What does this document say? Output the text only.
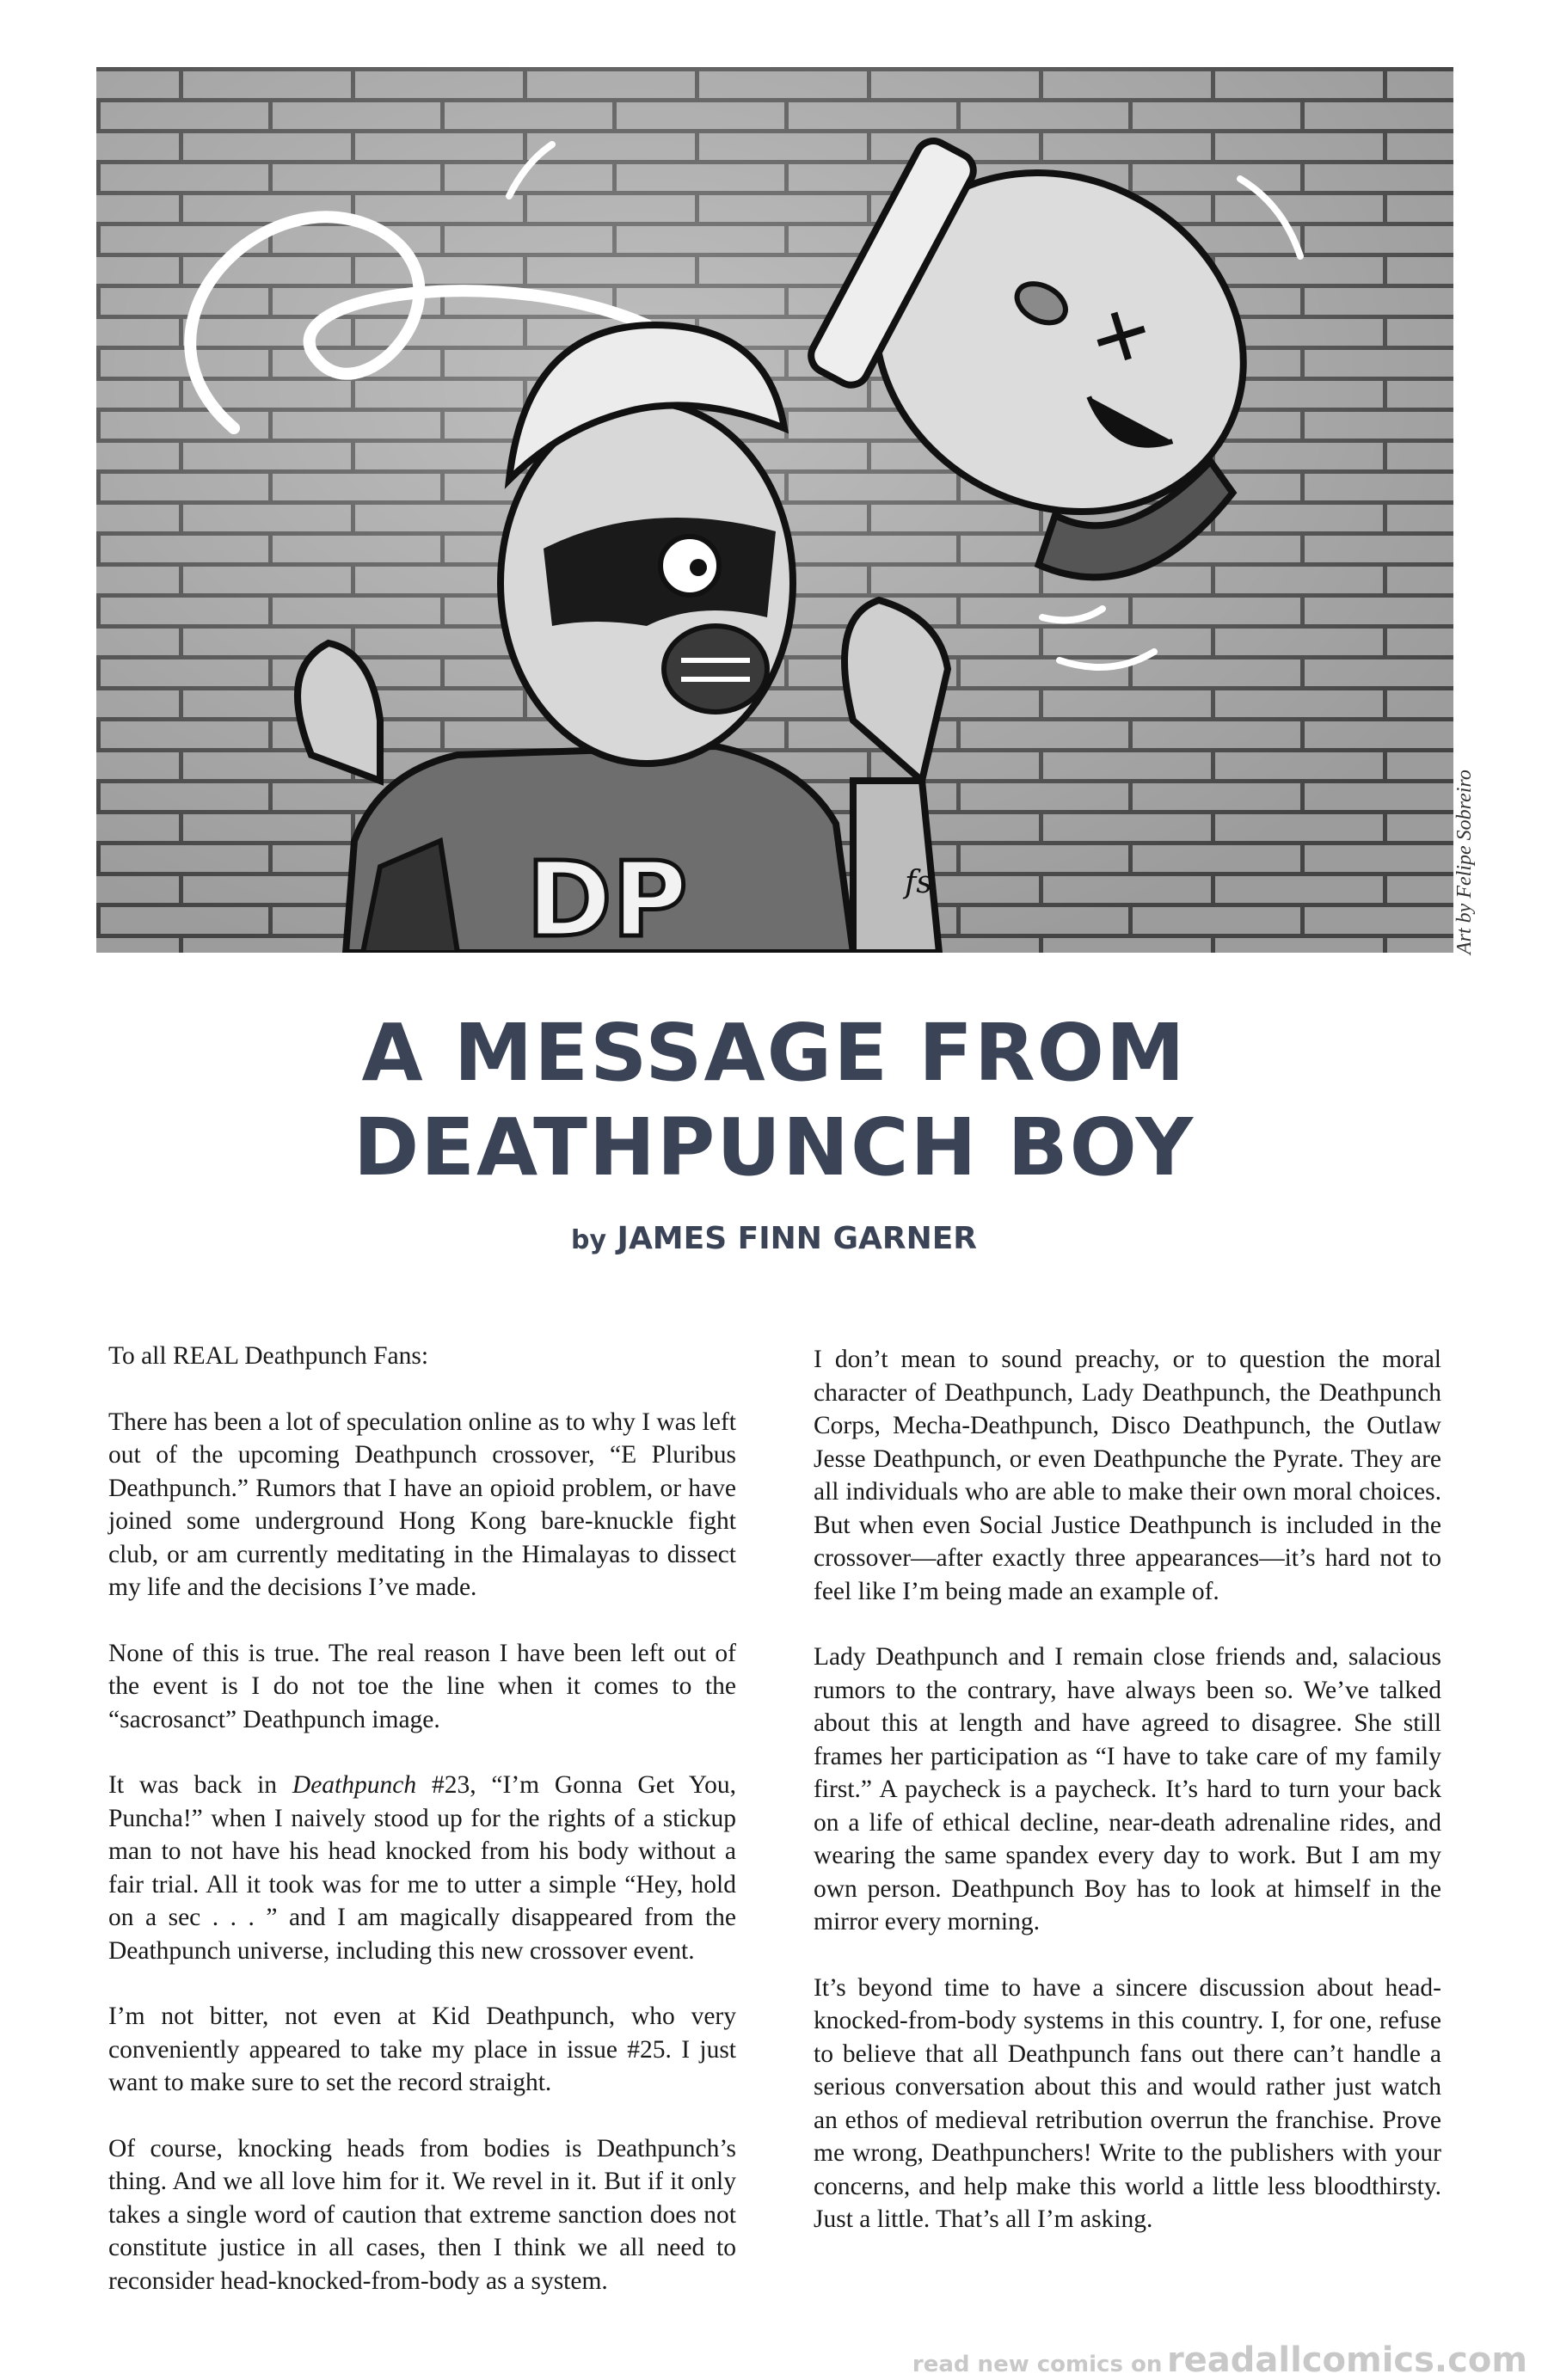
DP	fs	Art by Felipe Sobreiro
A MESSAGE FROM
DEATHPUNCH BOY
by JAMES FINN GARNER

To all REAL Deathpunch Fans:

There has been a lot of speculation online as to why I was left out of the upcoming Deathpunch crossover, “E Pluribus Deathpunch.” Rumors that I have an opioid problem, or have joined some underground Hong Kong bare-knuckle fight club, or am currently meditating in the Himalayas to dissect my life and the decisions I’ve made.

None of this is true. The real reason I have been left out of the event is I do not toe the line when it comes to the “sacrosanct” Deathpunch image.

It was back in Deathpunch #23, “I’m Gonna Get You, Puncha!” when I naively stood up for the rights of a stickup man to not have his head knocked from his body without a fair trial. All it took was for me to utter a simple “Hey, hold on a sec . . . ” and I am magically disappeared from the Deathpunch universe, including this new crossover event.

I’m not bitter, not even at Kid Deathpunch, who very conveniently appeared to take my place in issue #25. I just want to make sure to set the record straight.

Of course, knocking heads from bodies is Deathpunch’s thing. And we all love him for it. We revel in it. But if it only takes a single word of caution that extreme sanction does not constitute justice in all cases, then I think we all need to reconsider head-knocked-from-body as a system.

I don’t mean to sound preachy, or to question the moral character of Deathpunch, Lady Deathpunch, the Deathpunch Corps, Mecha-Deathpunch, Disco Deathpunch, the Outlaw Jesse Deathpunch, or even Deathpunche the Pyrate. They are all individuals who are able to make their own moral choices. But when even Social Justice Deathpunch is included in the crossover—after exactly three appearances—it’s hard not to feel like I’m being made an example of.

Lady Deathpunch and I remain close friends and, salacious rumors to the contrary, have always been so. We’ve talked about this at length and have agreed to disagree. She still frames her participation as “I have to take care of my family first.” A paycheck is a paycheck. It’s hard to turn your back on a life of ethical decline, near-death adrenaline rides, and wearing the same spandex every day to work. But I am my own person. Deathpunch Boy has to look at himself in the mirror every morning.

It’s beyond time to have a sincere discussion about head-knocked-from-body systems in this country. I, for one, refuse to believe that all Deathpunch fans out there can’t handle a serious conversation about this and would rather just watch an ethos of medieval retribution overrun the franchise. Prove me wrong, Deathpunchers! Write to the publishers with your concerns, and help make this world a little less bloodthirsty. Just a little. That’s all I’m asking.

read new comics on readallcomics.com
